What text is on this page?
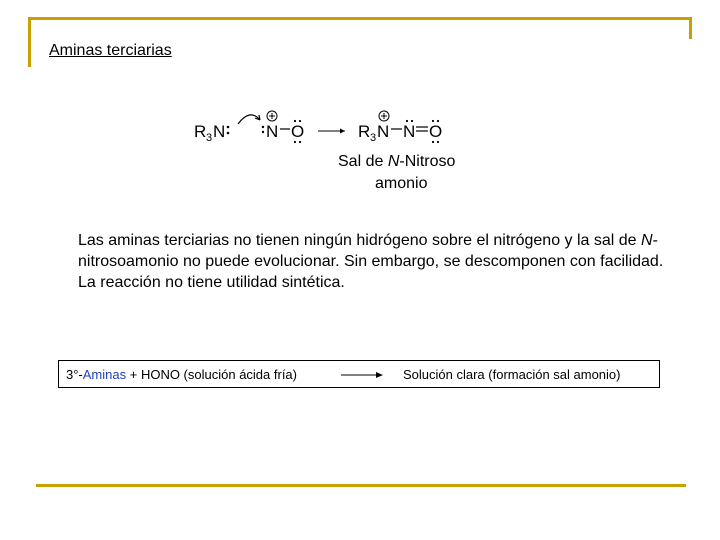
Aminas terciarias
R 3 N N O	R 3 N N O
Sal de N-Nitroso
amonio
Las aminas terciarias no tienen ningún hidrógeno sobre el nitrógeno y la sal de N-nitrosoamonio no puede evolucionar. Sin embargo, se descomponen con facilidad. La reacción no tiene utilidad sintética.
3°-Aminas + HONO (solución ácida fría)	Solución clara (formación sal amonio)
